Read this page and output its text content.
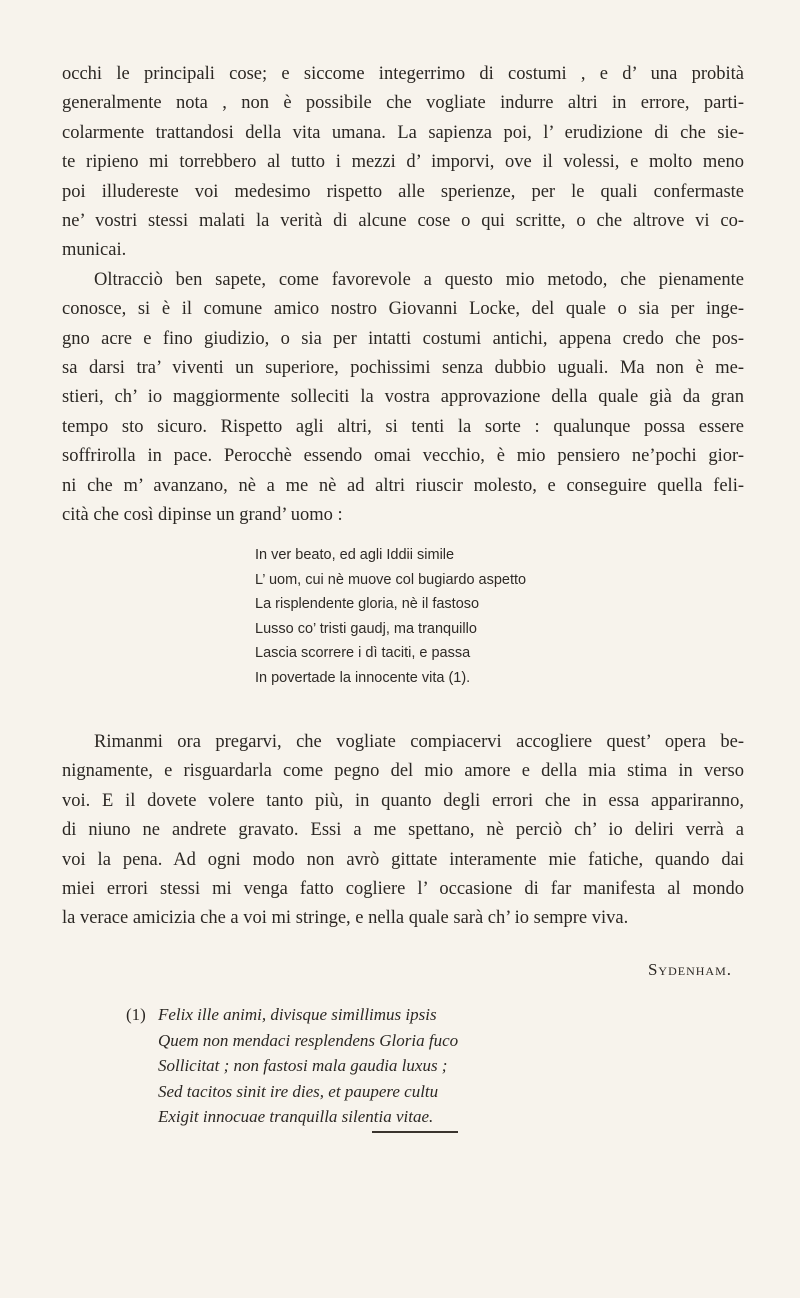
occhi le principali cose; e siccome integerrimo di costumi , e d’ una probità
generalmente nota , non è possibile che vogliate indurre altri in errore, parti-
colarmente trattandosi della vita umana. La sapienza poi, l’ erudizione di che sie-
te ripieno mi torrebbero al tutto i mezzi d’ imporvi, ove il volessi, e molto meno
poi illudereste voi medesimo rispetto alle sperienze, per le quali confermaste
ne’ vostri stessi malati la verità di alcune cose o qui scritte, o che altrove vi co-
municai.

Oltracciò ben sapete, come favorevole a questo mio metodo, che pienamente
conosce, si è il comune amico nostro Giovanni Locke, del quale o sia per inge-
gno acre e fino giudizio, o sia per intatti costumi antichi, appena credo che pos-
sa darsi tra’ viventi un superiore, pochissimi senza dubbio uguali. Ma non è me-
stieri, ch’ io maggiormente solleciti la vostra approvazione della quale già da gran
tempo sto sicuro. Rispetto agli altri, si tenti la sorte : qualunque possa essere
soffrirolla in pace. Perocchè essendo omai vecchio, è mio pensiero ne’pochi gior-
ni che m’ avanzano, nè a me nè ad altri riuscir molesto, e conseguire quella feli-
cità che così dipinse un grand’ uomo :

In ver beato, ed agli Iddii simile
L’ uom, cui nè muove col bugiardo aspetto
La risplendente gloria, nè il fastoso
Lusso co’ tristi gaudj, ma tranquillo
Lascia scorrere i dì taciti, e passa
In povertade la innocente vita (1).
Rimanmi ora pregarvi, che vogliate compiacervi accogliere quest’ opera be-
nignamente, e risguardarla come pegno del mio amore e della mia stima in verso
voi. E il dovete volere tanto più, in quanto degli errori che in essa appariranno,
di niuno ne andrete gravato. Essi a me spettano, nè perciò ch’ io deliri verrà a
voi la pena. Ad ogni modo non avrò gittate interamente mie fatiche, quando dai
miei errori stessi mi venga fatto cogliere l’ occasione di far manifesta al mondo
la verace amicizia che a voi mi stringe, e nella quale sarà ch’ io sempre viva.
Sydenham.
(1) Felix ille animi, divisque simillimus ipsis
Quem non mendaci resplendens Gloria fuco
Sollicitat ; non fastosi mala gaudia luxus ;
Sed tacitos sinit ire dies, et paupere cultu
Exigit innocuae tranquilla silentia vitae.
